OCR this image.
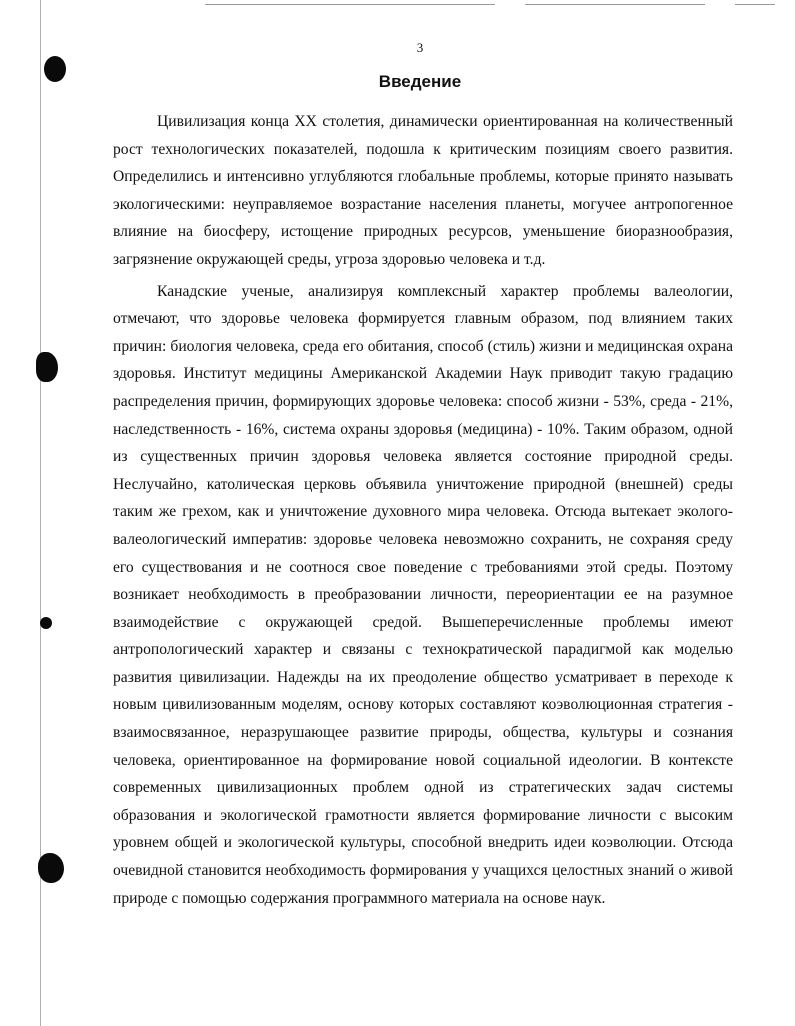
3
Введение

Цивилизация конца XX столетия, динамически ориентированная на количественный рост технологических показателей, подошла к критическим позициям своего развития. Определились и интенсивно углубляются глобальные проблемы, которые принято называть экологическими: неуправляемое возрастание населения планеты, могучее антропогенное влияние на биосферу, истощение природных ресурсов, уменьшение биоразнообразия, загрязнение окружающей среды, угроза здоровью человека и т.д.

Канадские ученые, анализируя комплексный характер проблемы валеологии, отмечают, что здоровье человека формируется главным образом, под влиянием таких причин: биология человека, среда его обитания, способ (стиль) жизни и медицинская охрана здоровья. Институт медицины Американской Академии Наук приводит такую градацию распределения причин, формирующих здоровье человека: способ жизни - 53%, среда - 21%, наследственность - 16%, система охраны здоровья (медицина) - 10%. Таким образом, одной из существенных причин здоровья человека является состояние природной среды. Неслучайно, католическая церковь объявила уничтожение природной (внешней) среды таким же грехом, как и уничтожение духовного мира человека. Отсюда вытекает эколого-валеологический императив: здоровье человека невозможно сохранить, не сохраняя среду его существования и не соотнося свое поведение с требованиями этой среды. Поэтому возникает необходимость в преобразовании личности, переориентации ее на разумное взаимодействие с окружающей средой. Вышеперечисленные проблемы имеют антропологический характер и связаны с технократической парадигмой как моделью развития цивилизации. Надежды на их преодоление общество усматривает в переходе к новым цивилизованным моделям, основу которых составляют коэволюционная стратегия - взаимосвязанное, неразрушающее развитие природы, общества, культуры и сознания человека, ориентированное на формирование новой социальной идеологии. В контексте современных цивилизационных проблем одной из стратегических задач системы образования и экологической грамотности является формирование личности с высоким уровнем общей и экологической культуры, способной внедрить идеи коэволюции. Отсюда очевидной становится необходимость формирования у учащихся целостных знаний о живой природе с помощью содержания программного материала на основе наук.
